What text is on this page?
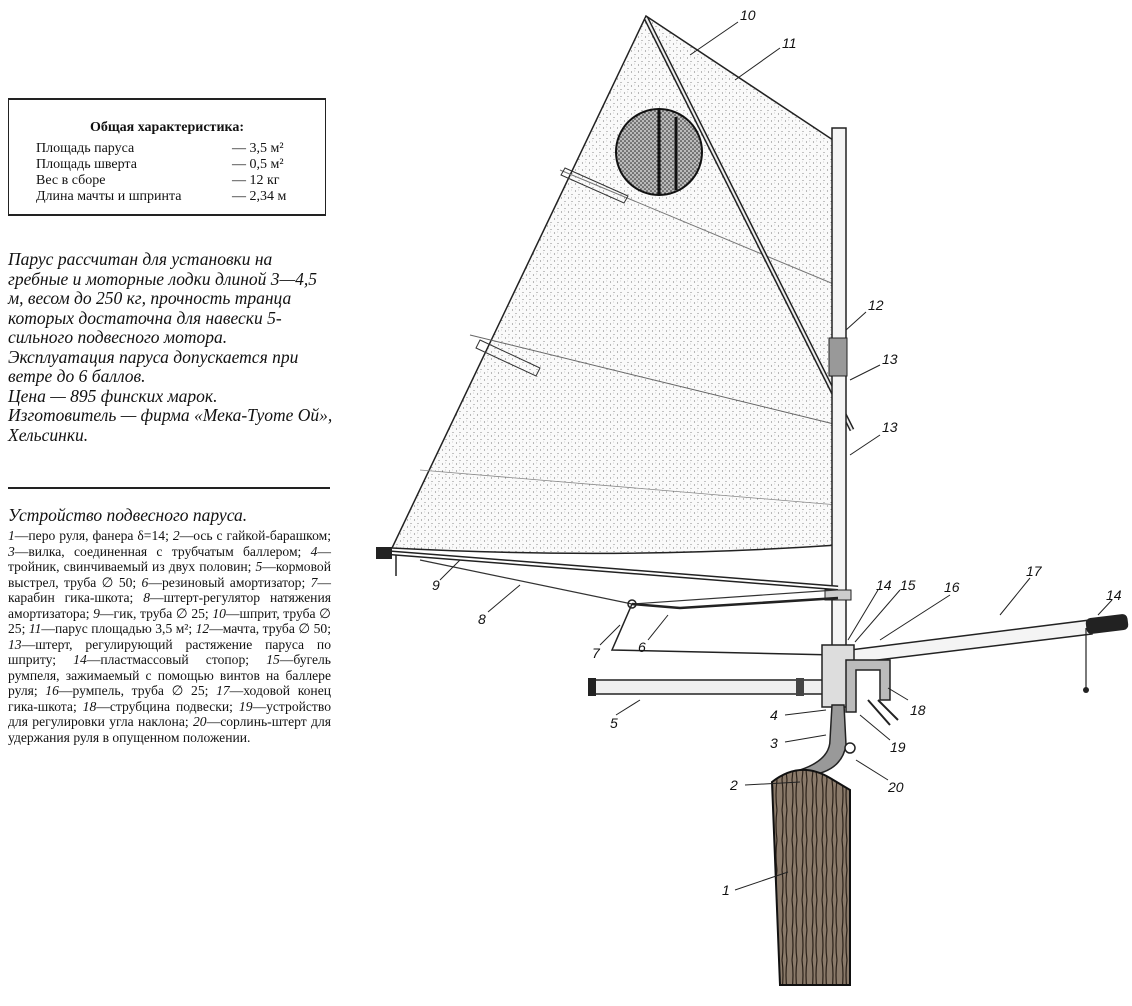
Общая характеристика:
Площадь паруса	— 3,5 м²
Площадь шверта	— 0,5 м²
Вес в сборе	— 12 кг
Длина мачты и шпринта	— 2,34 м

Парус рассчитан для установки на гребные и моторные лодки длиной 3—4,5 м, весом до 250 кг, прочность транца которых достаточна для навески 5-сильного подвесного мотора.

Эксплуатация паруса допускается при ветре до 6 баллов.

Цена — 895 финских марок.

Изготовитель — фирма «Мека-Туоте Ой», Хельсинки.

Устройство подвесного паруса.
1—перо руля, фанера δ=14; 2—ось с гайкой-барашком; 3—вилка, соединенная с трубчатым баллером; 4—тройник, свинчиваемый из двух половин; 5—кормовой выстрел, труба ∅ 50; 6—резиновый амортизатор; 7—карабин гика-шкота; 8—штерт-регулятор натяжения амортизатора; 9—гик, труба ∅ 25; 10—шприт, труба ∅ 25; 11—парус площадью 3,5 м²; 12—мачта, труба ∅ 50; 13—штерт, регулирующий растяжение паруса по шприту; 14—пластмассовый стопор; 15—бугель румпеля, зажимаемый с помощью винтов на баллере руля; 16—румпель, труба ∅ 25; 17—ходовой конец гика-шкота; 18—струбцина подвески; 19—устройство для регулировки угла наклона; 20—сорлинь-штерт для удержания руля в опущенном положении.
10
11
12
13
13
14 15 16
17
14
18
19
20
9
8
7	6
5	4
3
2
1
